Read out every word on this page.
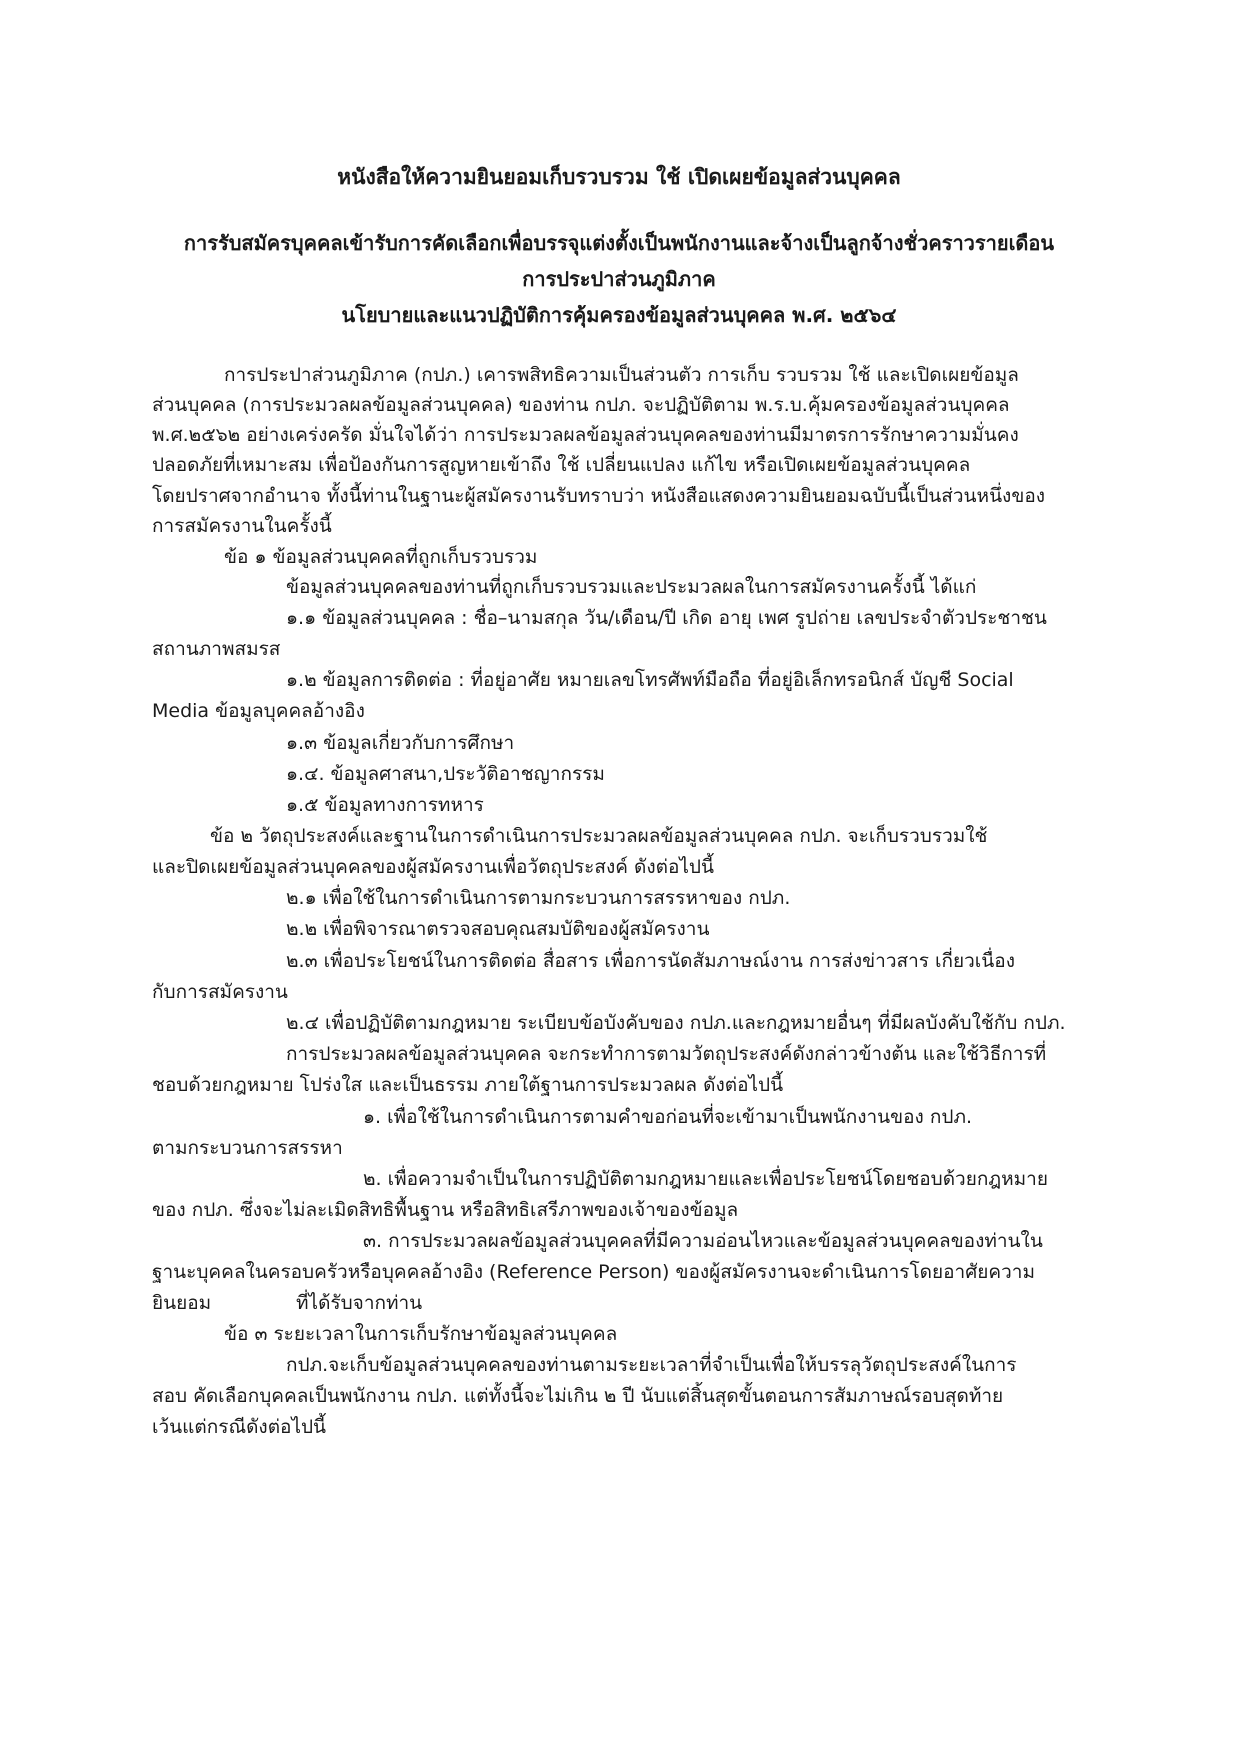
หนังสือให้ความยินยอมเก็บรวบรวม ใช้ เปิดเผยข้อมูลส่วนบุคคล
การรับสมัครบุคคลเข้ารับการคัดเลือกเพื่อบรรจุแต่งตั้งเป็นพนักงานและจ้างเป็นลูกจ้างชั่วคราวรายเดือน
การประปาส่วนภูมิภาค
นโยบายและแนวปฏิบัติการคุ้มครองข้อมูลส่วนบุคคล พ.ศ. ๒๕๖๔
การประปาส่วนภูมิภาค (กปภ.) เคารพสิทธิความเป็นส่วนตัว การเก็บ รวบรวม ใช้ และเปิดเผยข้อมูล
ส่วนบุคคล (การประมวลผลข้อมูลส่วนบุคคล) ของท่าน กปภ. จะปฏิบัติตาม พ.ร.บ.คุ้มครองข้อมูลส่วนบุคคล
พ.ศ.๒๕๖๒ อย่างเคร่งครัด มั่นใจได้ว่า การประมวลผลข้อมูลส่วนบุคคลของท่านมีมาตรการรักษาความมั่นคง
ปลอดภัยที่เหมาะสม เพื่อป้องกันการสูญหายเข้าถึง ใช้ เปลี่ยนแปลง แก้ไข หรือเปิดเผยข้อมูลส่วนบุคคล
โดยปราศจากอำนาจ ทั้งนี้ท่านในฐานะผู้สมัครงานรับทราบว่า หนังสือแสดงความยินยอมฉบับนี้เป็นส่วนหนึ่งของ
การสมัครงานในครั้งนี้
ข้อ ๑ ข้อมูลส่วนบุคคลที่ถูกเก็บรวบรวม
ข้อมูลส่วนบุคคลของท่านที่ถูกเก็บรวบรวมและประมวลผลในการสมัครงานครั้งนี้ ได้แก่
๑.๑ ข้อมูลส่วนบุคคล : ชื่อ–นามสกุล วัน/เดือน/ปี เกิด อายุ เพศ รูปถ่าย เลขประจำตัวประชาชน
สถานภาพสมรส
๑.๒ ข้อมูลการติดต่อ : ที่อยู่อาศัย หมายเลขโทรศัพท์มือถือ ที่อยู่อิเล็กทรอนิกส์ บัญชี Social
Media ข้อมูลบุคคลอ้างอิง
๑.๓ ข้อมูลเกี่ยวกับการศึกษา
๑.๔. ข้อมูลศาสนา,ประวัติอาชญากรรม
๑.๕ ข้อมูลทางการทหาร
ข้อ ๒ วัตถุประสงค์และฐานในการดำเนินการประมวลผลข้อมูลส่วนบุคคล กปภ. จะเก็บรวบรวมใช้
และปิดเผยข้อมูลส่วนบุคคลของผู้สมัครงานเพื่อวัตถุประสงค์ ดังต่อไปนี้
๒.๑ เพื่อใช้ในการดำเนินการตามกระบวนการสรรหาของ กปภ.
๒.๒ เพื่อพิจารณาตรวจสอบคุณสมบัติของผู้สมัครงาน
๒.๓ เพื่อประโยชน์ในการติดต่อ สื่อสาร เพื่อการนัดสัมภาษณ์งาน การส่งข่าวสาร เกี่ยวเนื่อง
กับการสมัครงาน
๒.๔ เพื่อปฏิบัติตามกฎหมาย ระเบียบข้อบังคับของ กปภ.และกฎหมายอื่นๆ ที่มีผลบังคับใช้กับ กปภ.
การประมวลผลข้อมูลส่วนบุคคล จะกระทำการตามวัตถุประสงค์ดังกล่าวข้างต้น และใช้วิธีการที่
ชอบด้วยกฎหมาย โปร่งใส และเป็นธรรม ภายใต้ฐานการประมวลผล ดังต่อไปนี้
๑. เพื่อใช้ในการดำเนินการตามคำขอก่อนที่จะเข้ามาเป็นพนักงานของ กปภ.
ตามกระบวนการสรรหา
๒. เพื่อความจำเป็นในการปฏิบัติตามกฎหมายและเพื่อประโยชน์โดยชอบด้วยกฎหมาย
ของ กปภ. ซึ่งจะไม่ละเมิดสิทธิพื้นฐาน หรือสิทธิเสรีภาพของเจ้าของข้อมูล
๓. การประมวลผลข้อมูลส่วนบุคคลที่มีความอ่อนไหวและข้อมูลส่วนบุคคลของท่านใน
ฐานะบุคคลในครอบครัวหรือบุคคลอ้างอิง (Reference Person) ของผู้สมัครงานจะดำเนินการโดยอาศัยความ
ยินยอม	ที่ได้รับจากท่าน
ข้อ ๓ ระยะเวลาในการเก็บรักษาข้อมูลส่วนบุคคล
กปภ.จะเก็บข้อมูลส่วนบุคคลของท่านตามระยะเวลาที่จำเป็นเพื่อให้บรรลุวัตถุประสงค์ในการ
สอบ คัดเลือกบุคคลเป็นพนักงาน กปภ. แต่ทั้งนี้จะไม่เกิน ๒ ปี นับแต่สิ้นสุดขั้นตอนการสัมภาษณ์รอบสุดท้าย
เว้นแต่กรณีดังต่อไปนี้
